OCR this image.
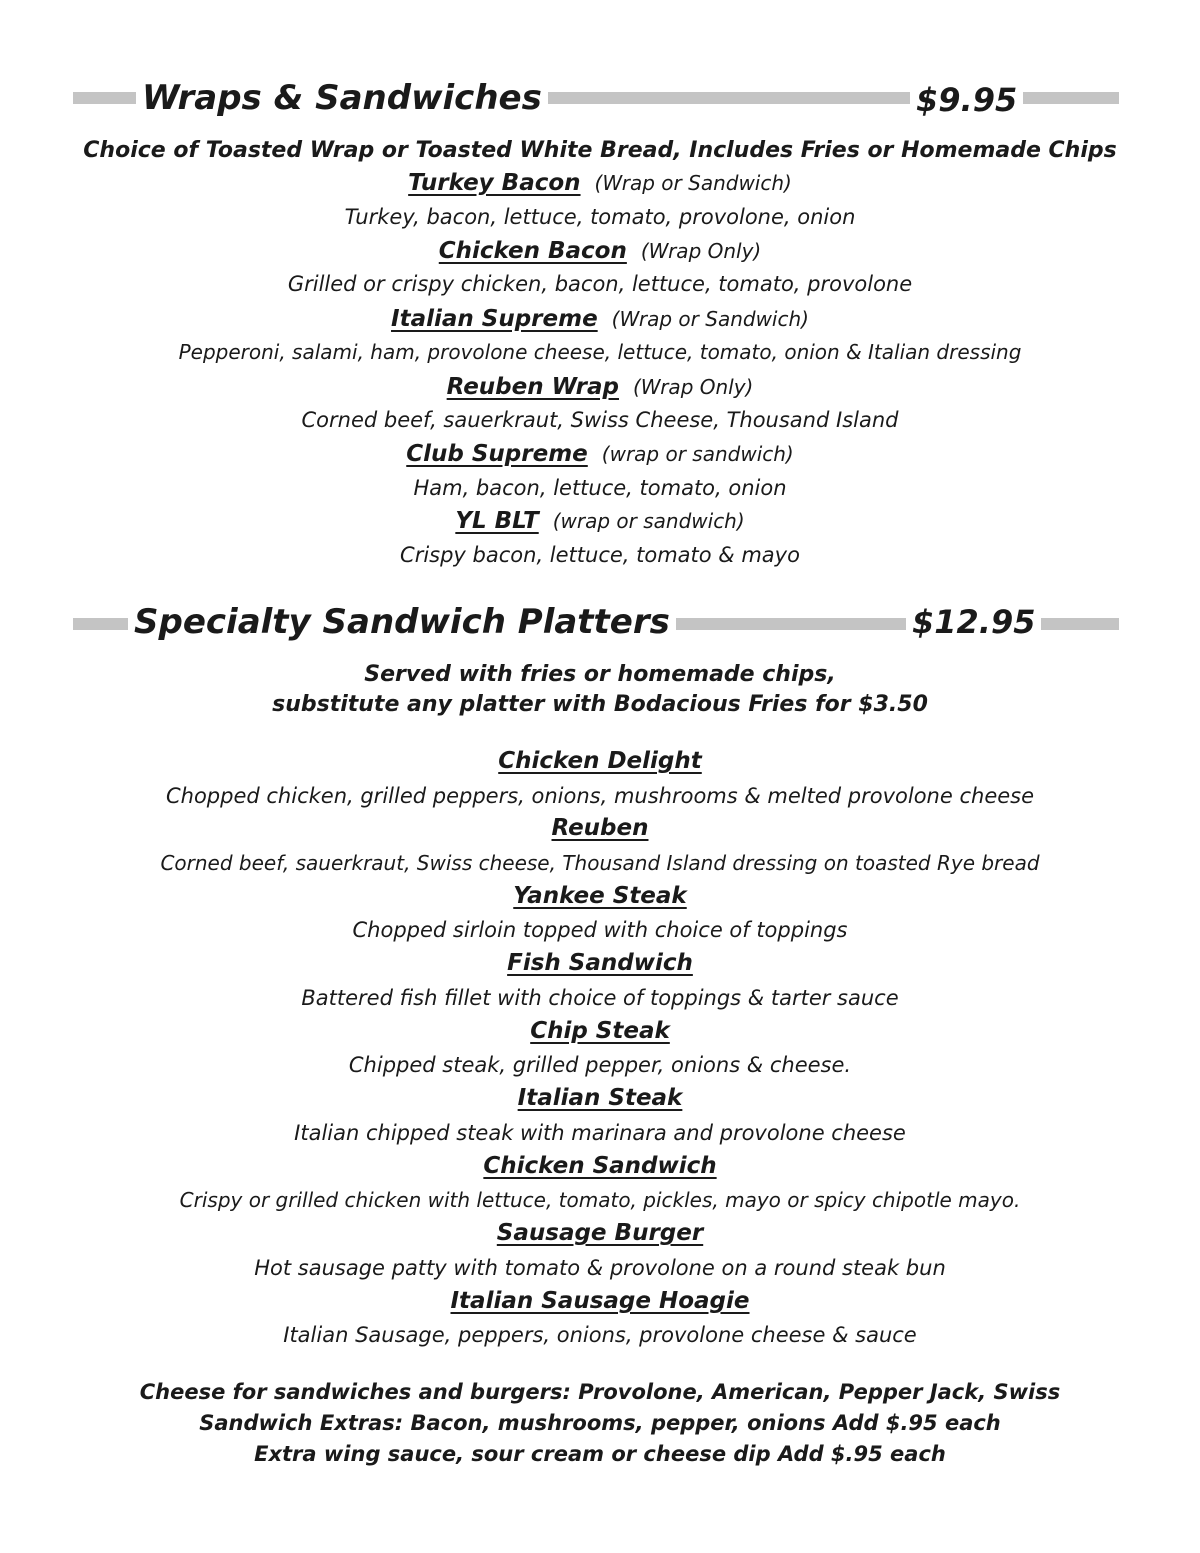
Wraps & Sandwiches	$9.95
Choice of Toasted Wrap or Toasted White Bread, Includes Fries or Homemade Chips
Turkey Bacon (Wrap or Sandwich)
Turkey, bacon, lettuce, tomato, provolone, onion
Chicken Bacon (Wrap Only)
Grilled or crispy chicken, bacon, lettuce, tomato, provolone
Italian Supreme (Wrap or Sandwich)
Pepperoni, salami, ham, provolone cheese, lettuce, tomato, onion & Italian dressing
Reuben Wrap (Wrap Only)
Corned beef, sauerkraut, Swiss Cheese, Thousand Island
Club Supreme (wrap or sandwich)
Ham, bacon, lettuce, tomato, onion
YL BLT (wrap or sandwich)
Crispy bacon, lettuce, tomato & mayo
Specialty Sandwich Platters	$12.95
Served with fries or homemade chips,
substitute any platter with Bodacious Fries for $3.50
Chicken Delight
Chopped chicken, grilled peppers, onions, mushrooms & melted provolone cheese
Reuben
Corned beef, sauerkraut, Swiss cheese, Thousand Island dressing on toasted Rye bread
Yankee Steak
Chopped sirloin topped with choice of toppings
Fish Sandwich
Battered fish fillet with choice of toppings & tarter sauce
Chip Steak
Chipped steak, grilled pepper, onions & cheese.
Italian Steak
Italian chipped steak with marinara and provolone cheese
Chicken Sandwich
Crispy or grilled chicken with lettuce, tomato, pickles, mayo or spicy chipotle mayo.
Sausage Burger
Hot sausage patty with tomato & provolone on a round steak bun
Italian Sausage Hoagie
Italian Sausage, peppers, onions, provolone cheese & sauce
Cheese for sandwiches and burgers: Provolone, American, Pepper Jack, Swiss
Sandwich Extras: Bacon, mushrooms, pepper, onions Add $.95 each
Extra wing sauce, sour cream or cheese dip Add $.95 each
